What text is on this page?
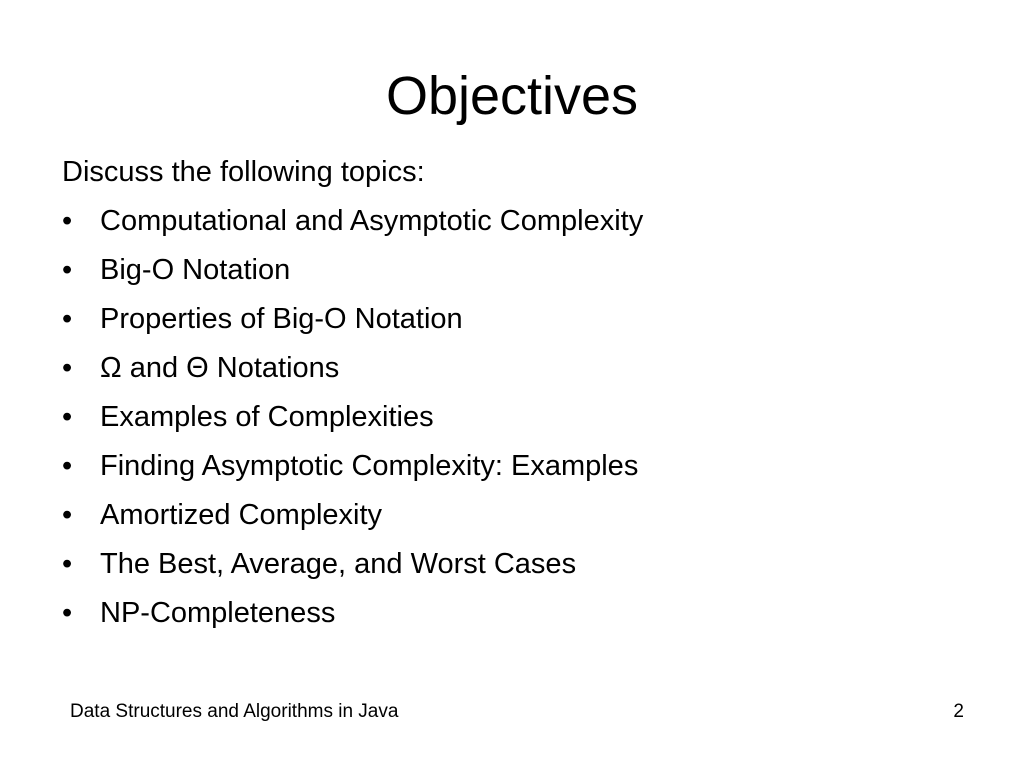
Objectives
Discuss the following topics:
• Computational and Asymptotic Complexity
• Big-O Notation
• Properties of Big-O Notation
• Ω and Θ Notations
• Examples of Complexities
• Finding Asymptotic Complexity: Examples
• Amortized Complexity
• The Best, Average, and Worst Cases
• NP-Completeness
Data Structures and Algorithms in Java	2
